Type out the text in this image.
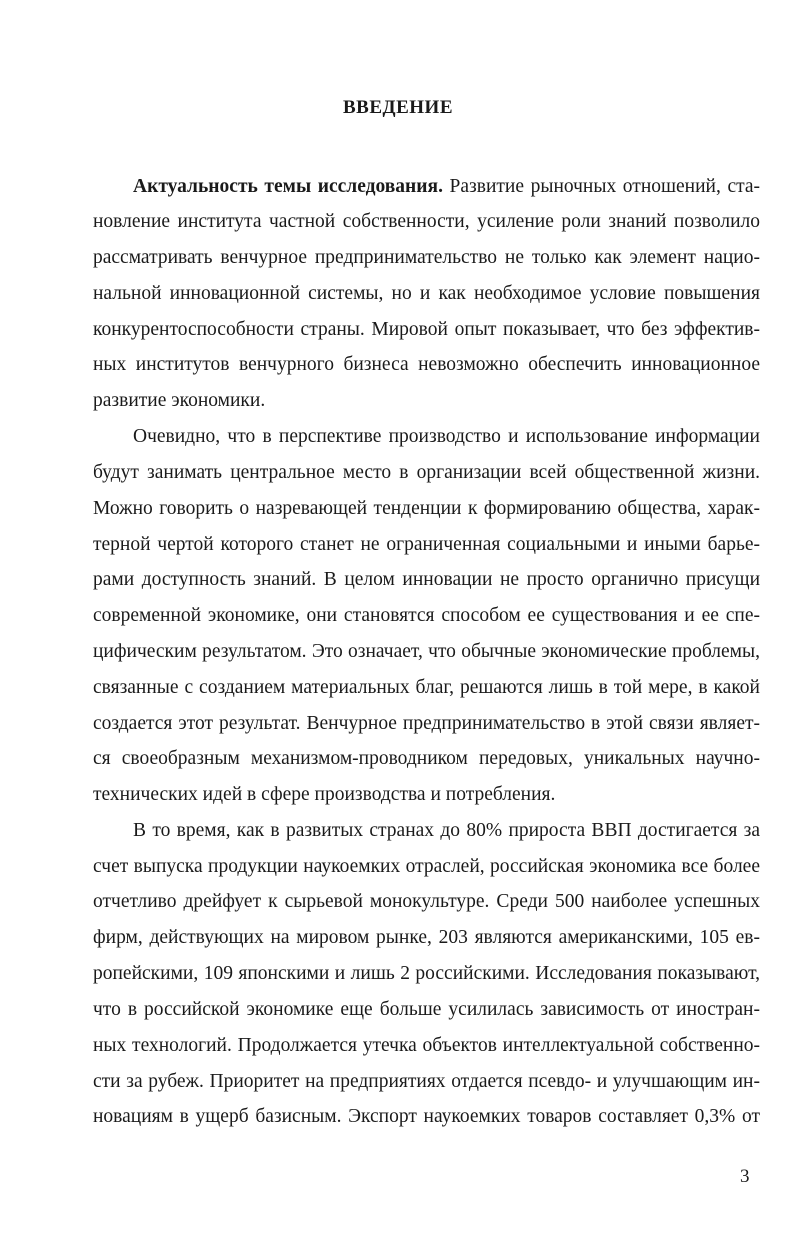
ВВЕДЕНИЕ
Актуальность темы исследования. Развитие рыночных отношений, ста-
новление института частной собственности, усиление роли знаний позволило
рассматривать венчурное предпринимательство не только как элемент нацио-
нальной инновационной системы, но и как необходимое условие повышения
конкурентоспособности страны. Мировой опыт показывает, что без эффектив-
ных институтов венчурного бизнеса невозможно обеспечить инновационное
развитие экономики.
Очевидно, что в перспективе производство и использование информации
будут занимать центральное место в организации всей общественной жизни.
Можно говорить о назревающей тенденции к формированию общества, харак-
терной чертой которого станет не ограниченная социальными и иными барье-
рами доступность знаний. В целом инновации не просто органично присущи
современной экономике, они становятся способом ее существования и ее спе-
цифическим результатом. Это означает, что обычные экономические проблемы,
связанные с созданием материальных благ, решаются лишь в той мере, в какой
создается этот результат. Венчурное предпринимательство в этой связи являет-
ся своеобразным механизмом-проводником передовых, уникальных научно-
технических идей в сфере производства и потребления.
В то время, как в развитых странах до 80% прироста ВВП достигается за
счет выпуска продукции наукоемких отраслей, российская экономика все более
отчетливо дрейфует к сырьевой монокультуре. Среди 500 наиболее успешных
фирм, действующих на мировом рынке, 203 являются американскими, 105 ев-
ропейскими, 109 японскими и лишь 2 российскими. Исследования показывают,
что в российской экономике еще больше усилилась зависимость от иностран-
ных технологий. Продолжается утечка объектов интеллектуальной собственно-
сти за рубеж. Приоритет на предприятиях отдается псевдо- и улучшающим ин-
новациям в ущерб базисным. Экспорт наукоемких товаров составляет 0,3% от
3
